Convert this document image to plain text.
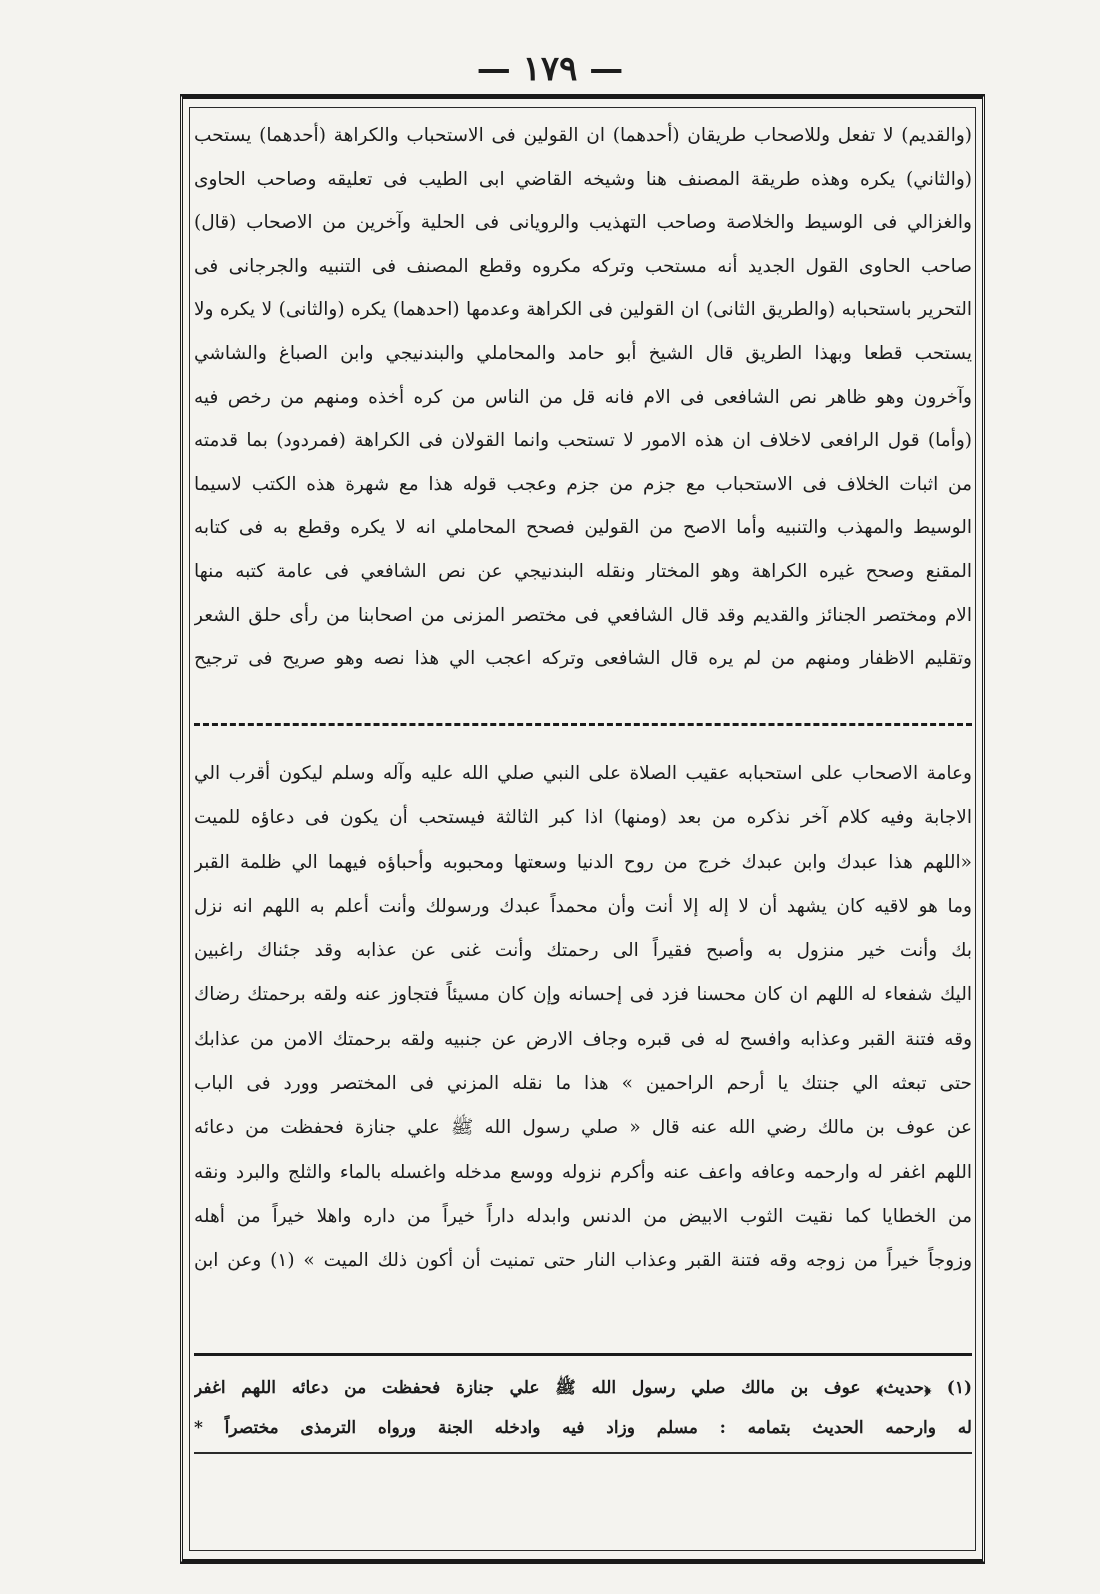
— ١٧٩ —
(والقديم) لا تفعل وللاصحاب طريقان (أحدهما) ان القولين فى الاستحباب والكراهة (أحدهما) يستحب
(والثاني) يكره وهذه طريقة المصنف هنا وشيخه القاضي ابى الطيب فى تعليقه وصاحب الحاوى
والغزالي فى الوسيط والخلاصة وصاحب التهذيب والرويانى فى الحلية وآخرين من الاصحاب (قال)
صاحب الحاوى القول الجديد أنه مستحب وتركه مكروه وقطع المصنف فى التنبيه والجرجانى فى
التحرير باستحبابه (والطريق الثانى) ان القولين فى الكراهة وعدمها (احدهما) يكره (والثانى) لا يكره ولا
يستحب قطعا وبهذا الطريق قال الشيخ أبو حامد والمحاملي والبندنيجي وابن الصباغ والشاشي
وآخرون وهو ظاهر نص الشافعى فى الام فانه قل من الناس من كره أخذه ومنهم من رخص فيه
(وأما) قول الرافعى لاخلاف ان هذه الامور لا تستحب وانما القولان فى الكراهة (فمردود) بما قدمته
من اثبات الخلاف فى الاستحباب مع جزم من جزم وعجب قوله هذا مع شهرة هذه الكتب لاسيما
الوسيط والمهذب والتنبيه وأما الاصح من القولين فصحح المحاملي انه لا يكره وقطع به فى كتابه
المقنع وصحح غيره الكراهة وهو المختار ونقله البندنيجي عن نص الشافعي فى عامة كتبه منها
الام ومختصر الجنائز والقديم وقد قال الشافعي فى مختصر المزنى من اصحابنا من رأى حلق الشعر
وتقليم الاظفار ومنهم من لم يره قال الشافعى وتركه اعجب الي هذا نصه وهو صريح فى ترجيح
وعامة الاصحاب على استحبابه عقيب الصلاة على النبي صلي الله عليه وآله وسلم ليكون أقرب الي
الاجابة وفيه كلام آخر نذكره من بعد (ومنها) اذا كبر الثالثة فيستحب أن يكون فى دعاؤه للميت
«اللهم هذا عبدك وابن عبدك خرج من روح الدنيا وسعتها ومحبوبه وأحباؤه فيهما الي ظلمة القبر
وما هو لاقيه كان يشهد أن لا إله إلا أنت وأن محمداً عبدك ورسولك وأنت أعلم به اللهم انه نزل
بك وأنت خير منزول به وأصبح فقيراً الى رحمتك وأنت غنى عن عذابه وقد جئناك راغبين
اليك شفعاء له اللهم ان كان محسنا فزد فى إحسانه وإن كان مسيئاً فتجاوز عنه ولقه برحمتك رضاك
وقه فتنة القبر وعذابه وافسح له فى قبره وجاف الارض عن جنبيه ولقه برحمتك الامن من عذابك
حتى تبعثه الي جنتك يا أرحم الراحمين » هذا ما نقله المزني فى المختصر وورد فى الباب
عن عوف بن مالك رضي الله عنه قال « صلي رسول الله ﷺ علي جنازة فحفظت من دعائه
اللهم اغفر له وارحمه وعافه واعف عنه وأكرم نزوله ووسع مدخله واغسله بالماء والثلج والبرد ونقه
من الخطايا كما نقيت الثوب الابيض من الدنس وابدله داراً خيراً من داره واهلا خيراً من أهله
وزوجاً خيراً من زوجه وقه فتنة القبر وعذاب النار حتى تمنيت أن أكون ذلك الميت » (١) وعن ابن
(١) ﴿حديث﴾ عوف بن مالك صلي رسول الله ﷺ علي جنازة فحفظت من دعائه اللهم اغفر
له وارحمه الحديث بتمامه : مسلم وزاد فيه وادخله الجنة ورواه الترمذى مختصراً *
